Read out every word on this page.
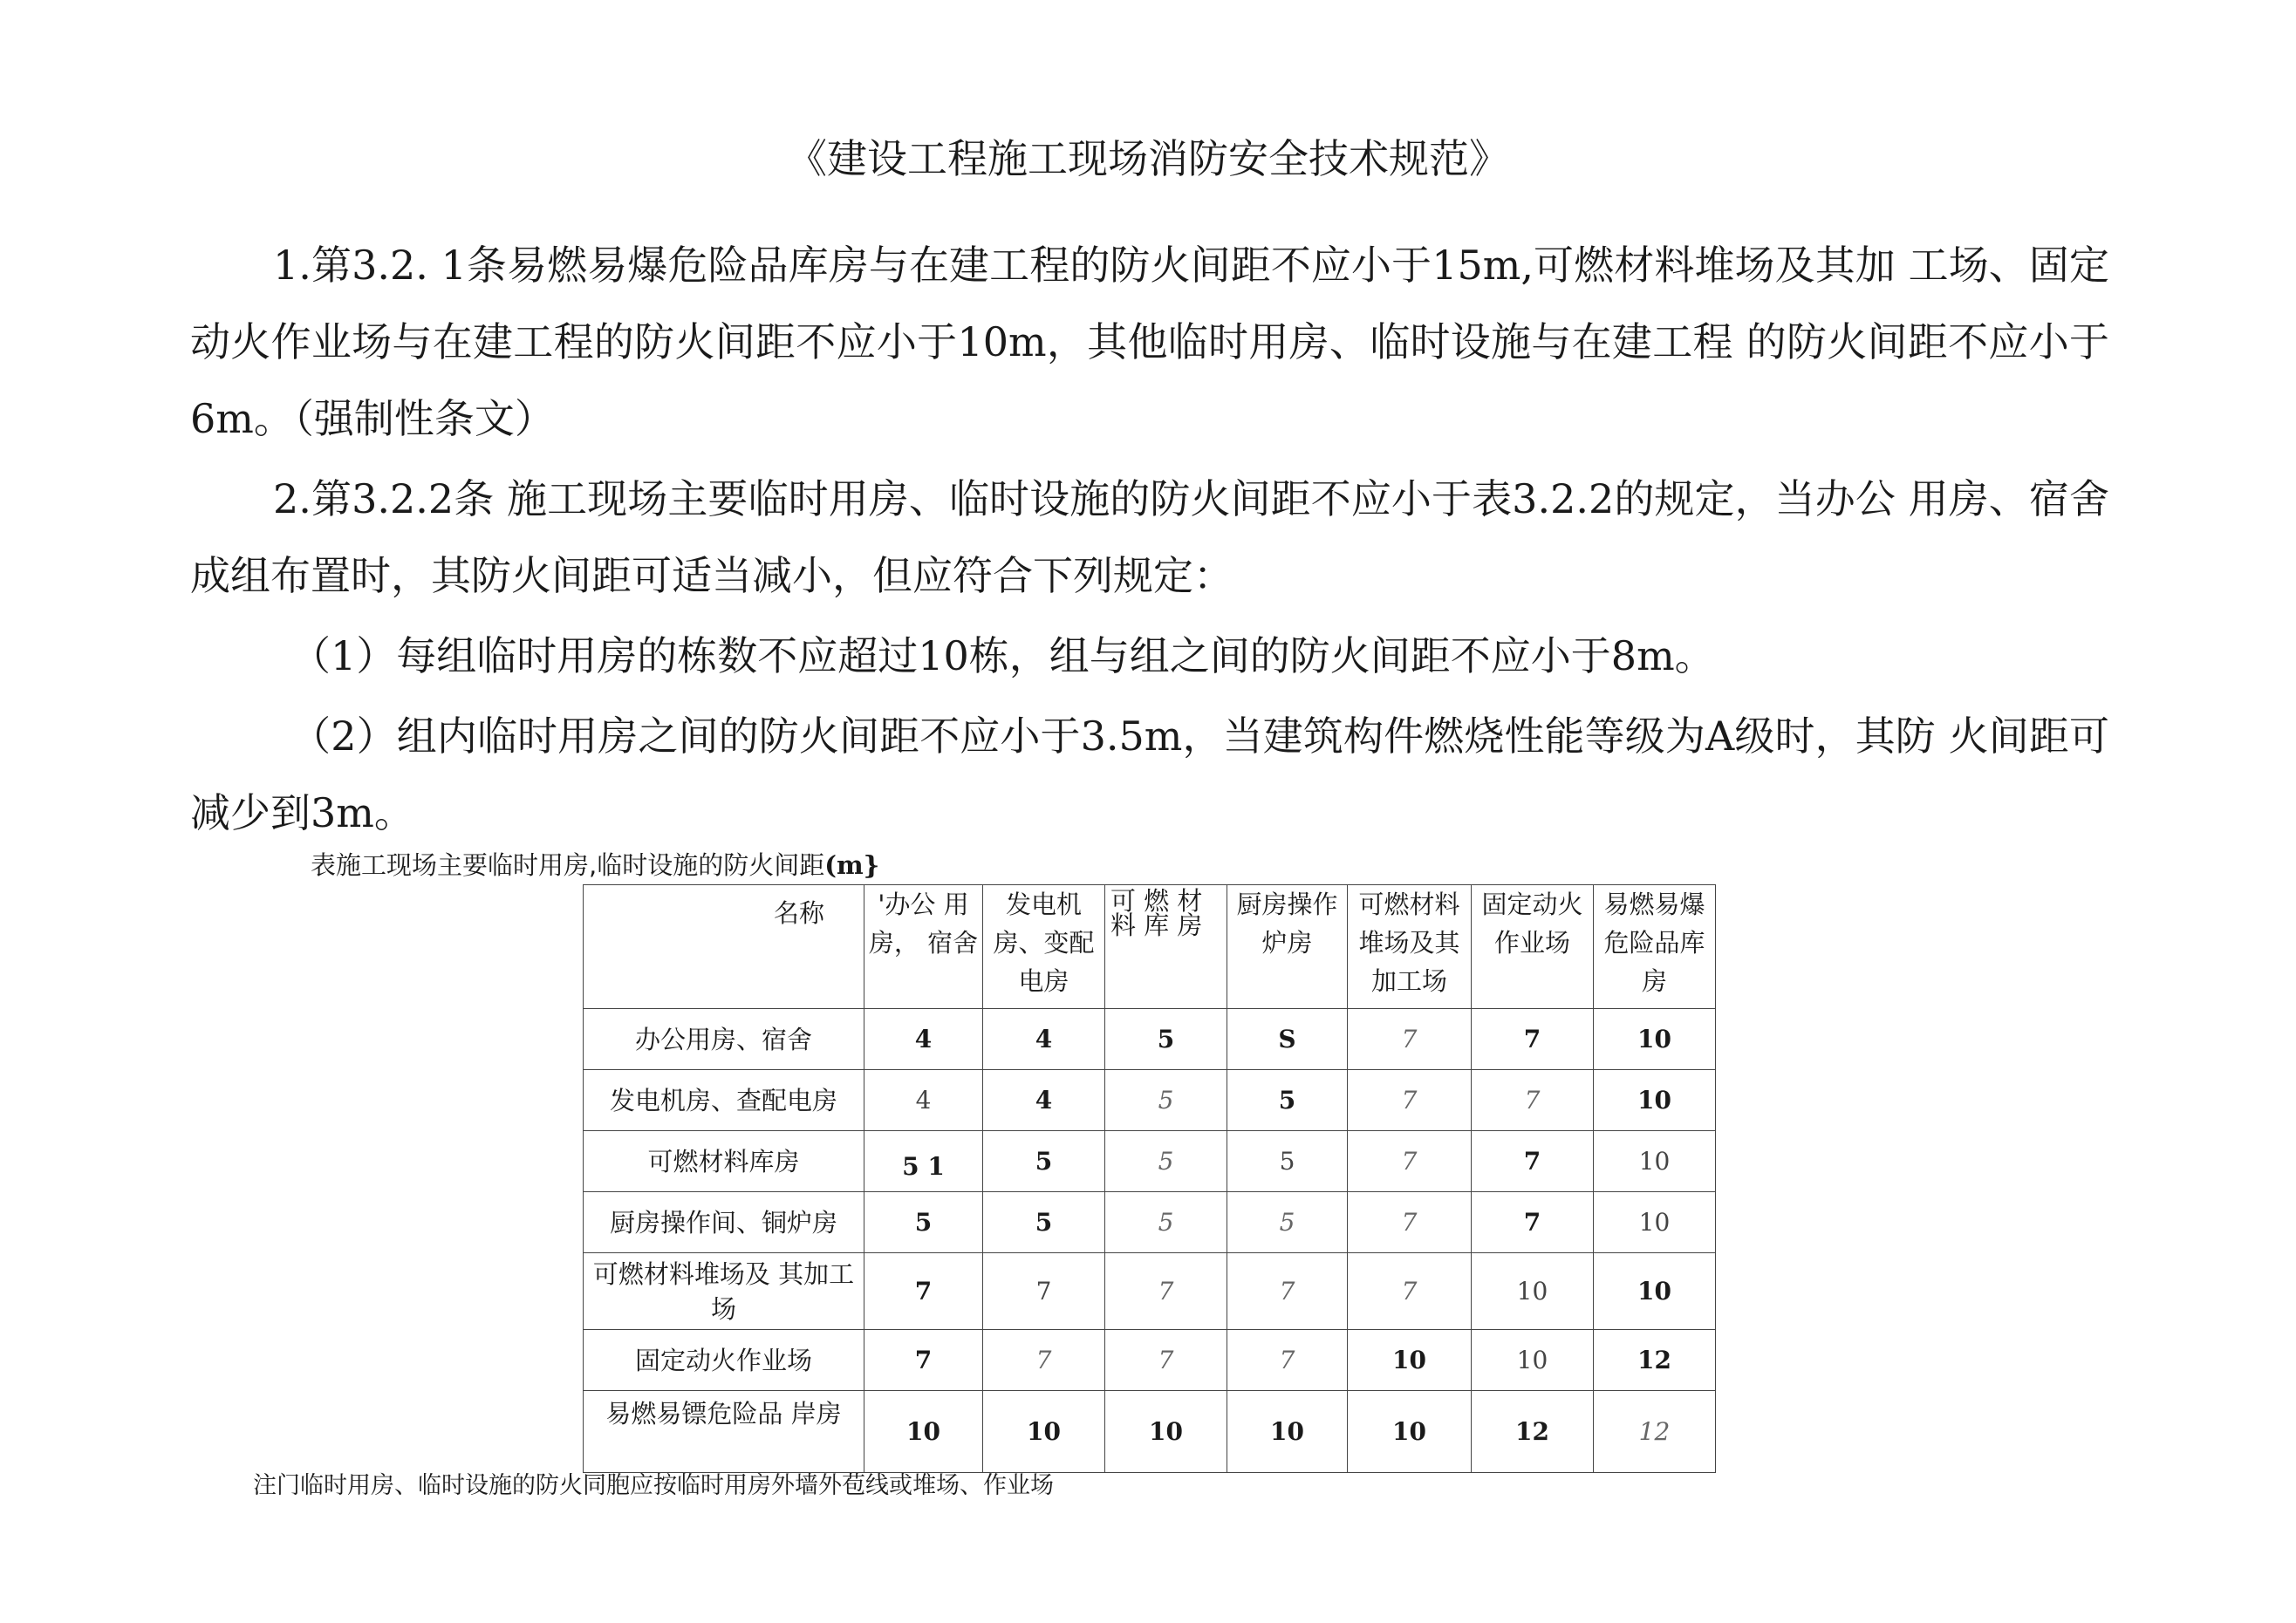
《建设工程施工现场消防安全技术规范》

1.第3.2. 1条易燃易爆危险品库房与在建工程的防火间距不应小于15m,可燃材料堆场及其加 工场、固定动火作业场与在建工程的防火间距不应小于10m，其他临时用房、临时设施与在建工程 的防火间距不应小于6m。（强制性条文）

2.第3.2.2条 施工现场主要临时用房、临时设施的防火间距不应小于表3.2.2的规定，当办公 用房、宿舍成组布置时，其防火间距可适当减小，但应符合下列规定：

（1）每组临时用房的栋数不应超过10栋，组与组之间的防火间距不应小于8m。

（2）组内临时用房之间的防火间距不应小于3.5m，当建筑构件燃烧性能等级为A级时，其防 火间距可减少到3m。

表施工现场主要临时用房,临时设施的防火间距(m}

名称	'办公 用房， 宿舍	发电机房、变配电房	可 燃 材 料 库 房	厨房操作炉房	可燃材料堆场及其加工场	固定动火作业场	易燃易爆危险品库房
办公用房、宿舍	4	4	5	S	7	7	10
发电机房、查配电房	4	4	5	5	7	7	10
可燃材料库房	5 1	5	5	5	7	7	10
厨房操作间、铜炉房	5	5	5	5	7	7	10
可燃材料堆场及 其加工场	7	7	7	7	7	10	10
固定动火作业场	7	7	7	7	10	10	12
易燃易镖危险品 岸房	10	10	10	10	10	12	12

注门临时用房、临时设施的防火同胞应按临时用房外墙外苞线或堆场、作业场
